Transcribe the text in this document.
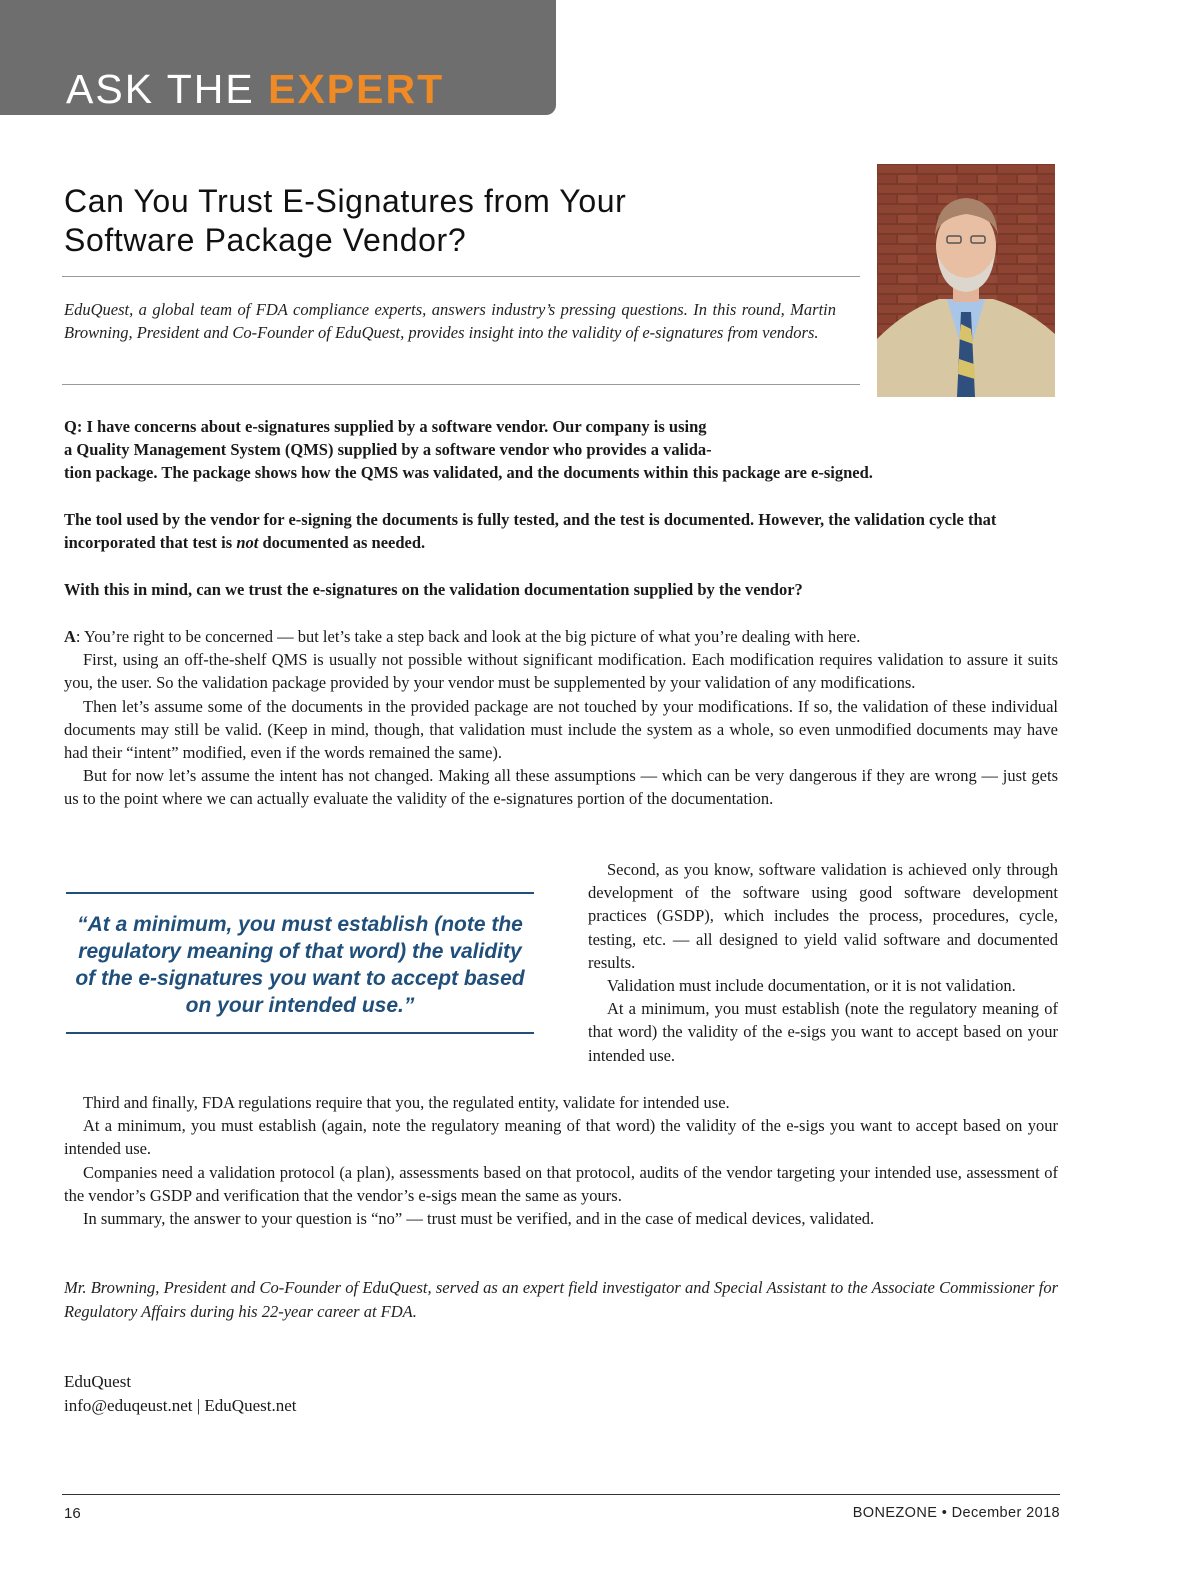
ASK THE EXPERT
Can You Trust E-Signatures from Your
Software Package Vendor?

EduQuest, a global team of FDA compliance experts, answers industry’s pressing questions. In this round, Martin Browning, President and Co-Founder of EduQuest, provides insight into the validity of e-signatures from vendors.

Q: I have concerns about e-signatures supplied by a software vendor. Our company is using
a Quality Management System (QMS) supplied by a software vendor who provides a valida-
tion package. The package shows how the QMS was validated, and the documents within this package are e-signed.

The tool used by the vendor for e-signing the documents is fully tested, and the test is documented. However, the validation cycle that incorporated that test is not documented as needed.

With this in mind, can we trust the e-signatures on the validation documentation supplied by the vendor?

A: You’re right to be concerned — but let’s take a step back and look at the big picture of what you’re dealing with here.

First, using an off-the-shelf QMS is usually not possible without significant modification. Each modification requires validation to assure it suits you, the user. So the validation package provided by your vendor must be supplemented by your validation of any modifications.

Then let’s assume some of the documents in the provided package are not touched by your modifications. If so, the validation of these individual documents may still be valid. (Keep in mind, though, that validation must include the system as a whole, so even unmodified documents may have had their “intent” modified, even if the words remained the same).

But for now let’s assume the intent has not changed. Making all these assumptions — which can be very dangerous if they are wrong — just gets us to the point where we can actually evaluate the validity of the e-signatures portion of the documentation.

“At a minimum, you must establish (note the regulatory meaning of that word) the validity of the e-signatures you want to accept based on your intended use.”

Second, as you know, software validation is achieved only through development of the software using good software development practices (GSDP), which includes the process, procedures, cycle, testing, etc. — all designed to yield valid software and documented results.

Validation must include documentation, or it is not validation.

At a minimum, you must establish (note the regulatory meaning of that word) the validity of the e-sigs you want to accept based on your intended use.

Third and finally, FDA regulations require that you, the regulated entity, validate for intended use.

At a minimum, you must establish (again, note the regulatory meaning of that word) the validity of the e-sigs you want to accept based on your intended use.

Companies need a validation protocol (a plan), assessments based on that protocol, audits of the vendor targeting your intended use, assessment of the vendor’s GSDP and verification that the vendor’s e-sigs mean the same as yours.

In summary, the answer to your question is “no” — trust must be verified, and in the case of medical devices, validated.

Mr. Browning, President and Co-Founder of EduQuest, served as an expert field investigator and Special Assistant to the Associate Commissioner for Regulatory Affairs during his 22-year career at FDA.

EduQuest
info@eduqeust.net | EduQuest.net
16	BONEZONE • December 2018
